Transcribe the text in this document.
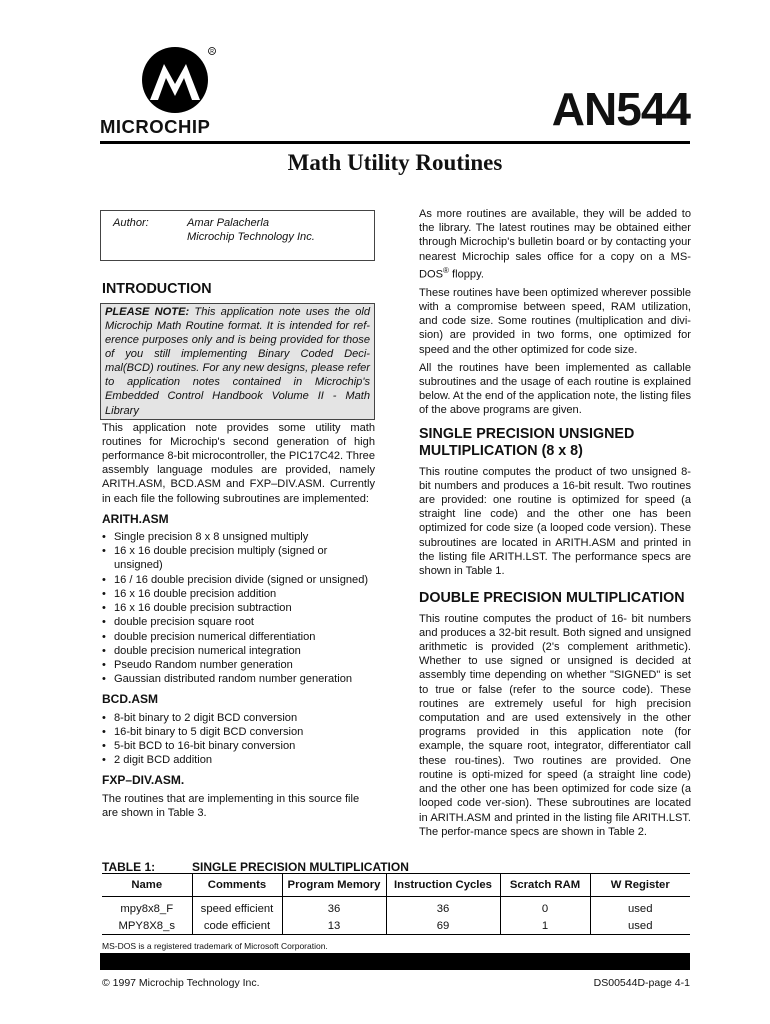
R
MICROCHIP	AN544
Math Utility Routines
Author:	Amar Palacherla
Microchip Technology Inc.
INTRODUCTION
PLEASE NOTE: This application note uses the old Microchip Math Routine format. It is intended for ref-erence purposes only and is being provided for those of you still implementing Binary Coded Deci-mal(BCD) routines. For any new designs, please refer to application notes contained in Microchip's Embedded Control Handbook Volume II - Math Library

This application note provides some utility math routines for Microchip's second generation of high performance 8-bit microcontroller, the PIC17C42. Three assembly language modules are provided, namely ARITH.ASM, BCD.ASM and FXP–DIV.ASM. Currently in each file the following subroutines are implemented:

ARITH.ASM
• Single precision 8 x 8 unsigned multiply
• 16 x 16 double precision multiply (signed or unsigned)
• 16 / 16 double precision divide (signed or unsigned)
• 16 x 16 double precision addition
• 16 x 16 double precision subtraction
• double precision square root
• double precision numerical differentiation
• double precision numerical integration
• Pseudo Random number generation
• Gaussian distributed random number generation
BCD.ASM
• 8-bit binary to 2 digit BCD conversion
• 16-bit binary to 5 digit BCD conversion
• 5-bit BCD to 16-bit binary conversion
• 2 digit BCD addition
FXP–DIV.ASM.

The routines that are implementing in this source file are shown in Table 3.

As more routines are available, they will be added to the library. The latest routines may be obtained either through Microchip's bulletin board or by contacting your nearest Microchip sales office for a copy on a MS-DOS® floppy.

These routines have been optimized wherever possible with a compromise between speed, RAM utilization, and code size. Some routines (multiplication and divi-sion) are provided in two forms, one optimized for speed and the other optimized for code size.

All the routines have been implemented as callable subroutines and the usage of each routine is explained below. At the end of the application note, the listing files of the above programs are given.

SINGLE PRECISION UNSIGNED MULTIPLICATION (8 x 8)

This routine computes the product of two unsigned 8-bit numbers and produces a 16-bit result. Two routines are provided: one routine is optimized for speed (a straight line code) and the other one has been optimized for code size (a looped code version). These subroutines are located in ARITH.ASM and printed in the listing file ARITH.LST. The performance specs are shown in Table 1.

DOUBLE PRECISION MULTIPLICATION

This routine computes the product of 16- bit numbers and produces a 32-bit result. Both signed and unsigned arithmetic is provided (2's complement arithmetic). Whether to use signed or unsigned is decided at assembly time depending on whether "SIGNED" is set to true or false (refer to the source code). These routines are extremely useful for high precision computation and are used extensively in the other programs provided in this application note (for example, the square root, integrator, differentiator call these rou-tines). Two routines are provided. One routine is opti-mized for speed (a straight line code) and the other one has been optimized for code size (a looped code ver-sion). These subroutines are located in ARITH.ASM and printed in the listing file ARITH.LST. The perfor-mance specs are shown in Table 2.

TABLE 1:	SINGLE PRECISION MULTIPLICATION
Name	Comments	Program Memory	Instruction Cycles	Scratch RAM	W Register
mpy8x8_F	speed efficient	36	36	0	used
MPY8X8_s	code efficient	13	69	1	used
MS-DOS is a registered trademark of Microsoft Corporation.
© 1997 Microchip Technology Inc.	DS00544D-page 4-1
